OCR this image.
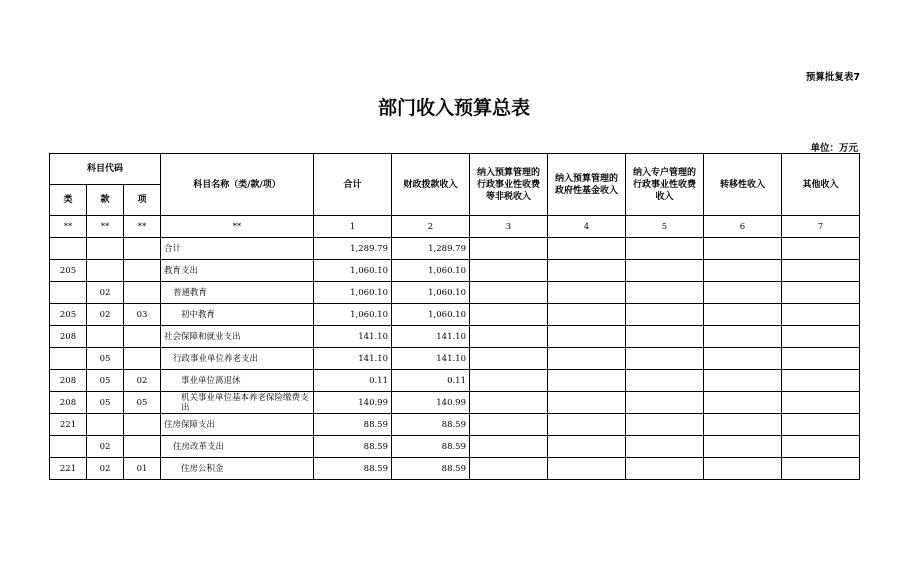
预算批复表7
部门收入预算总表
单位：万元
科目代码			科目名称（类/款/项）	合计	财政拨款收入	纳入预算管理的行政事业性收费等非税收入	纳入预算管理的政府性基金收入	纳入专户管理的行政事业性收费收入	转移性收入	其他收入
类	款	项								
**	**	**	**	1	2	3	4	5	6	7
			合计	1,289.79	1,289.79					
205			教育支出	1,060.10	1,060.10					
	02		普通教育	1,060.10	1,060.10					
205	02	03	初中教育	1,060.10	1,060.10					
208			社会保障和就业支出	141.10	141.10					
	05		行政事业单位养老支出	141.10	141.10					
208	05	02	事业单位离退休	0.11	0.11					
208	05	05	机关事业单位基本养老保险缴费支出	140.99	140.99					
221			住房保障支出	88.59	88.59					
	02		住房改革支出	88.59	88.59					
221	02	01	住房公积金	88.59	88.59					
